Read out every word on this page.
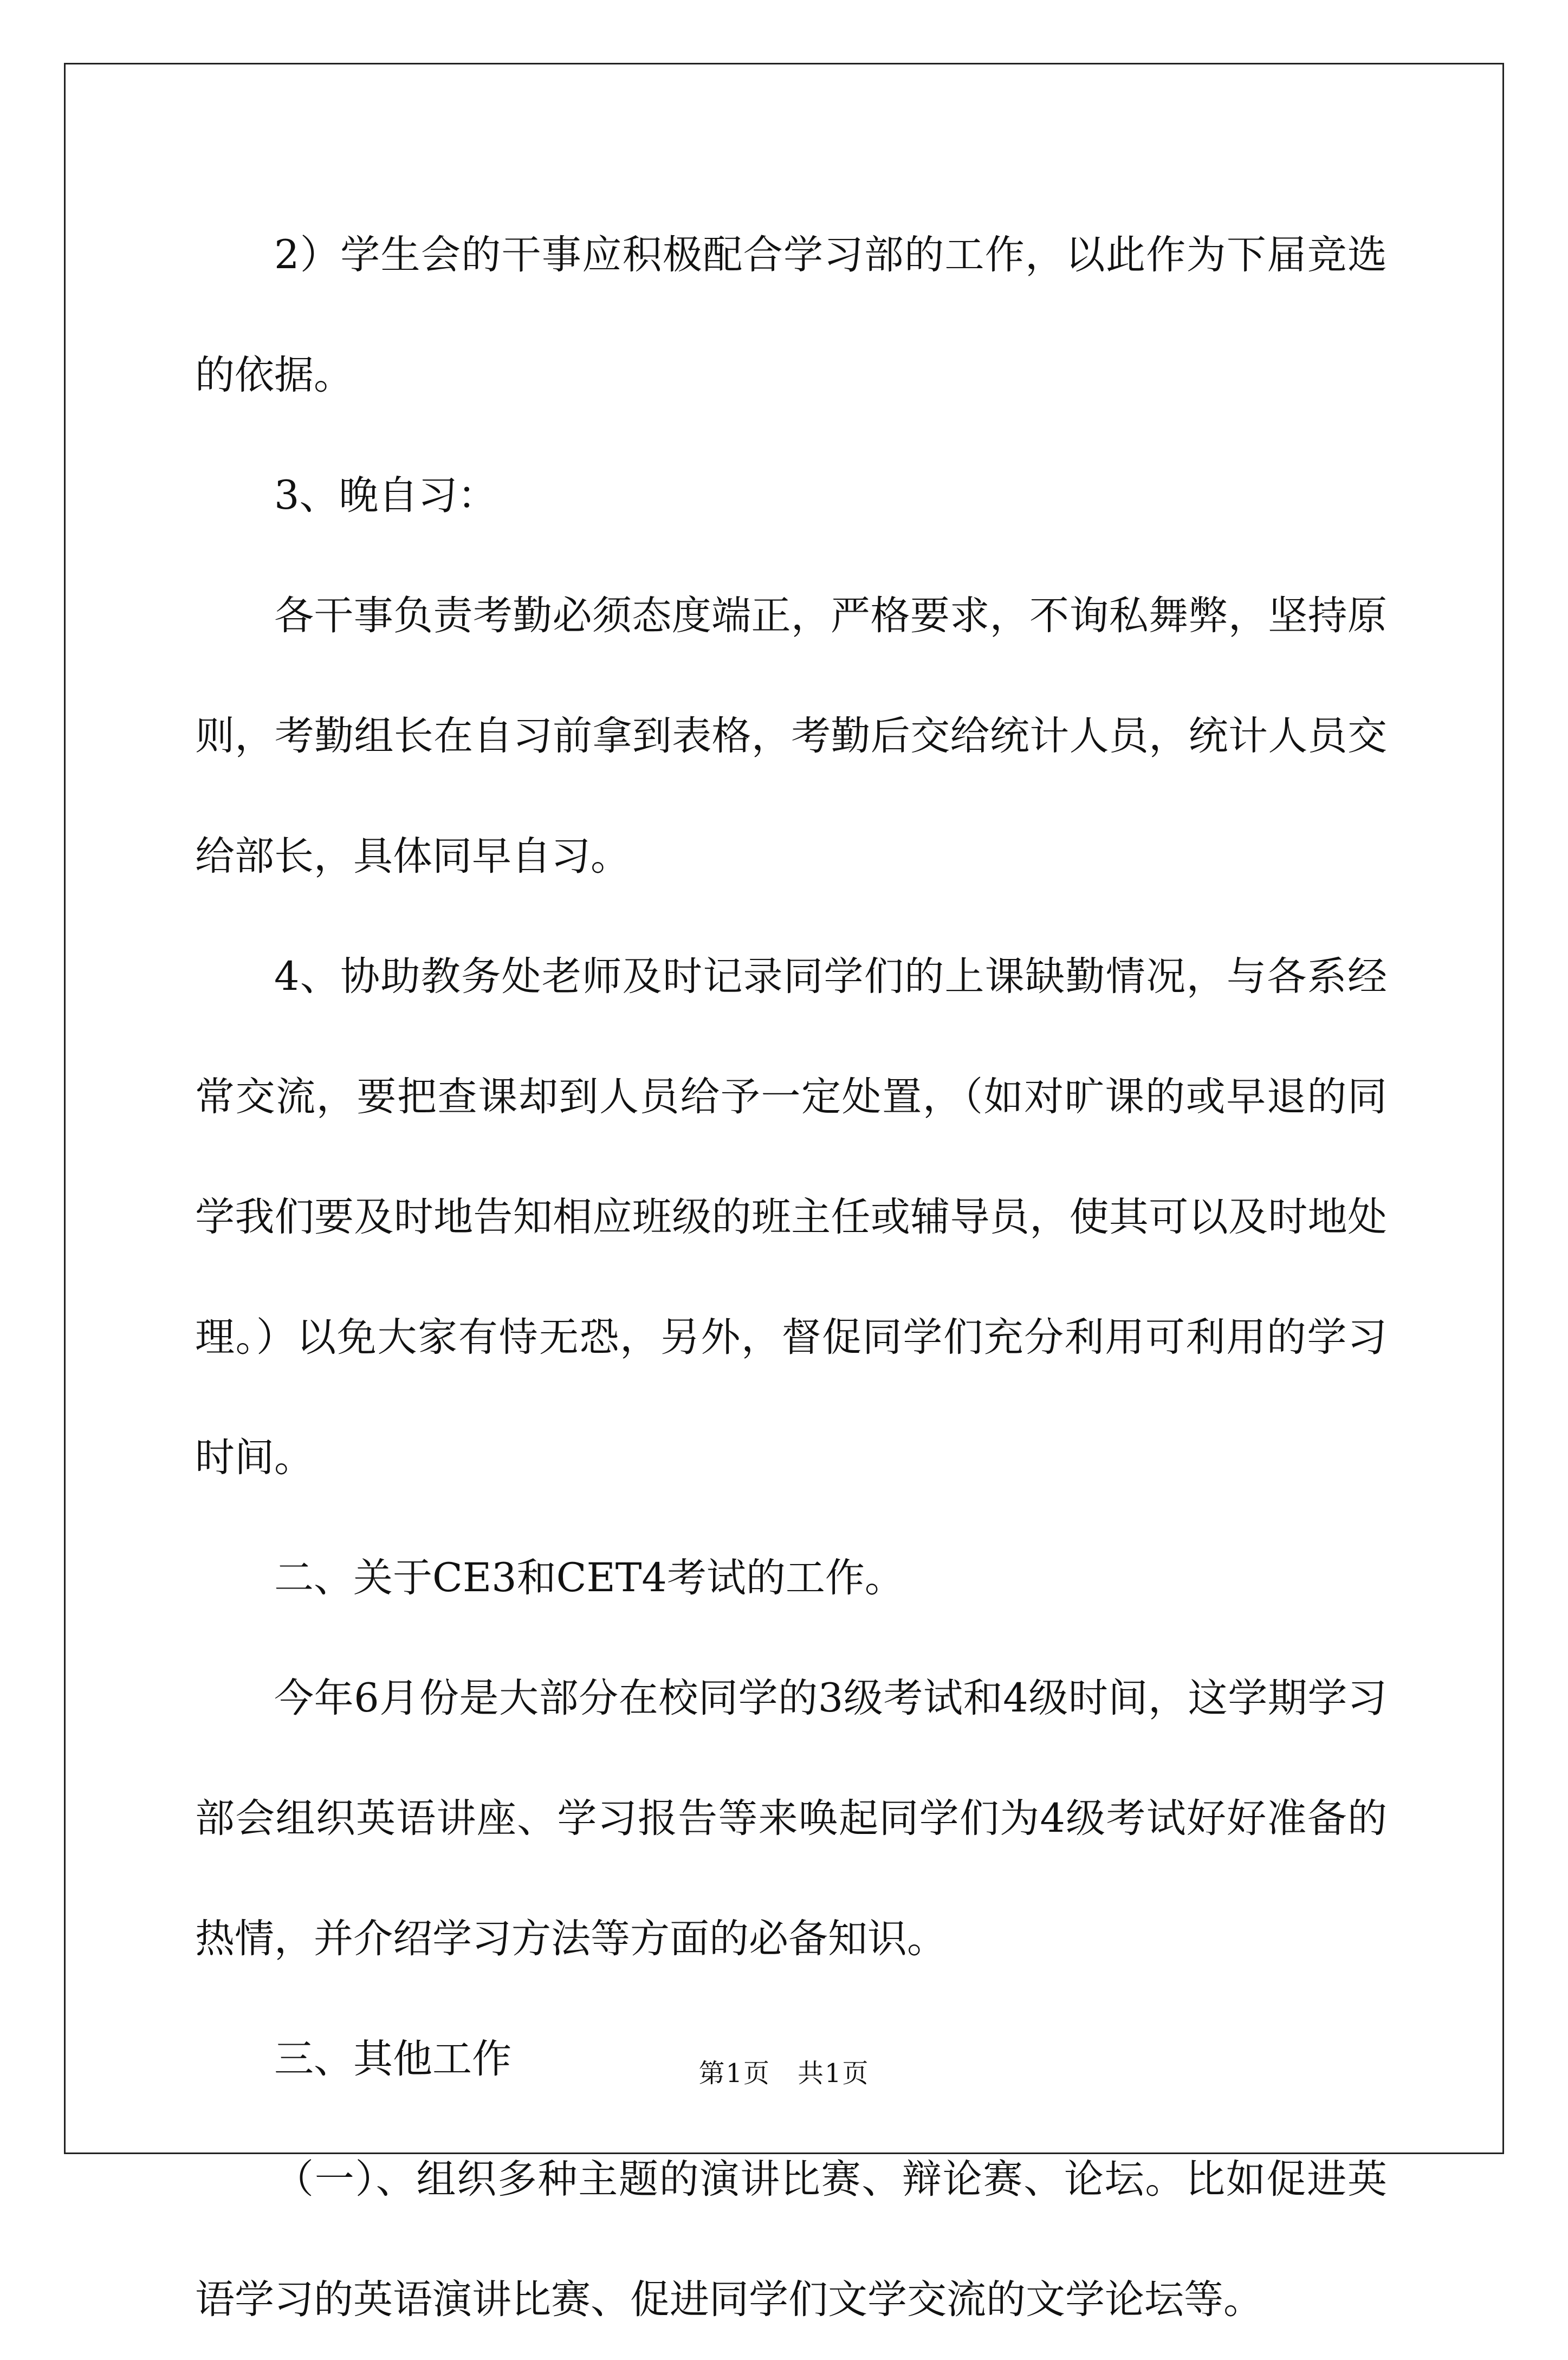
2）学生会的干事应积极配合学习部的工作，以此作为下届竞选的依据。

3、晚自习：

各干事负责考勤必须态度端正，严格要求，不询私舞弊，坚持原则，考勤组长在自习前拿到表格，考勤后交给统计人员，统计人员交给部长，具体同早自习。

4、协助教务处老师及时记录同学们的上课缺勤情况，与各系经常交流，要把查课却到人员给予一定处置，（如对旷课的或早退的同学我们要及时地告知相应班级的班主任或辅导员，使其可以及时地处理。）以免大家有恃无恐，另外，督促同学们充分利用可利用的学习时间。

二、关于CE3和CET4考试的工作。

今年6月份是大部分在校同学的3级考试和4级时间，这学期学习部会组织英语讲座、学习报告等来唤起同学们为4级考试好好准备的热情，并介绍学习方法等方面的必备知识。

三、其他工作

（一）、组织多种主题的演讲比赛、辩论赛、论坛。比如促进英语学习的英语演讲比赛、促进同学们文学交流的文学论坛等。

第1页　共1页
